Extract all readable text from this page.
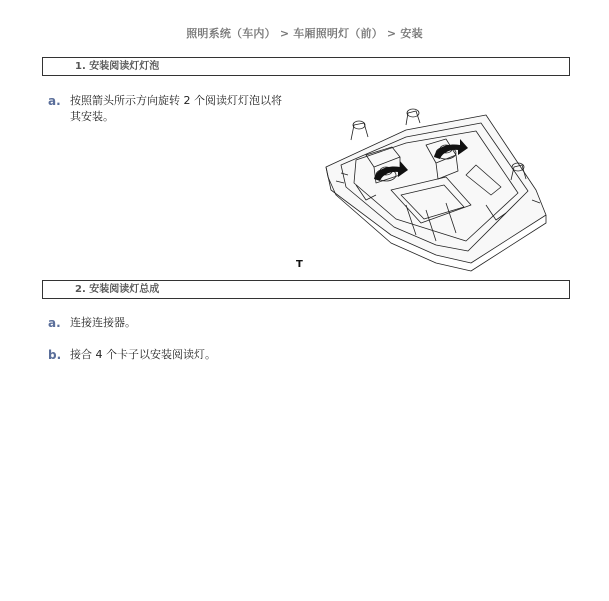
照明系统（车内） > 车厢照明灯（前） > 安装
1. 安装阅读灯灯泡
a. 按照箭头所示方向旋转 2 个阅读灯灯泡以将
其安装。
T
2. 安装阅读灯总成
a. 连接连接器。
b. 接合 4 个卡子以安装阅读灯。
